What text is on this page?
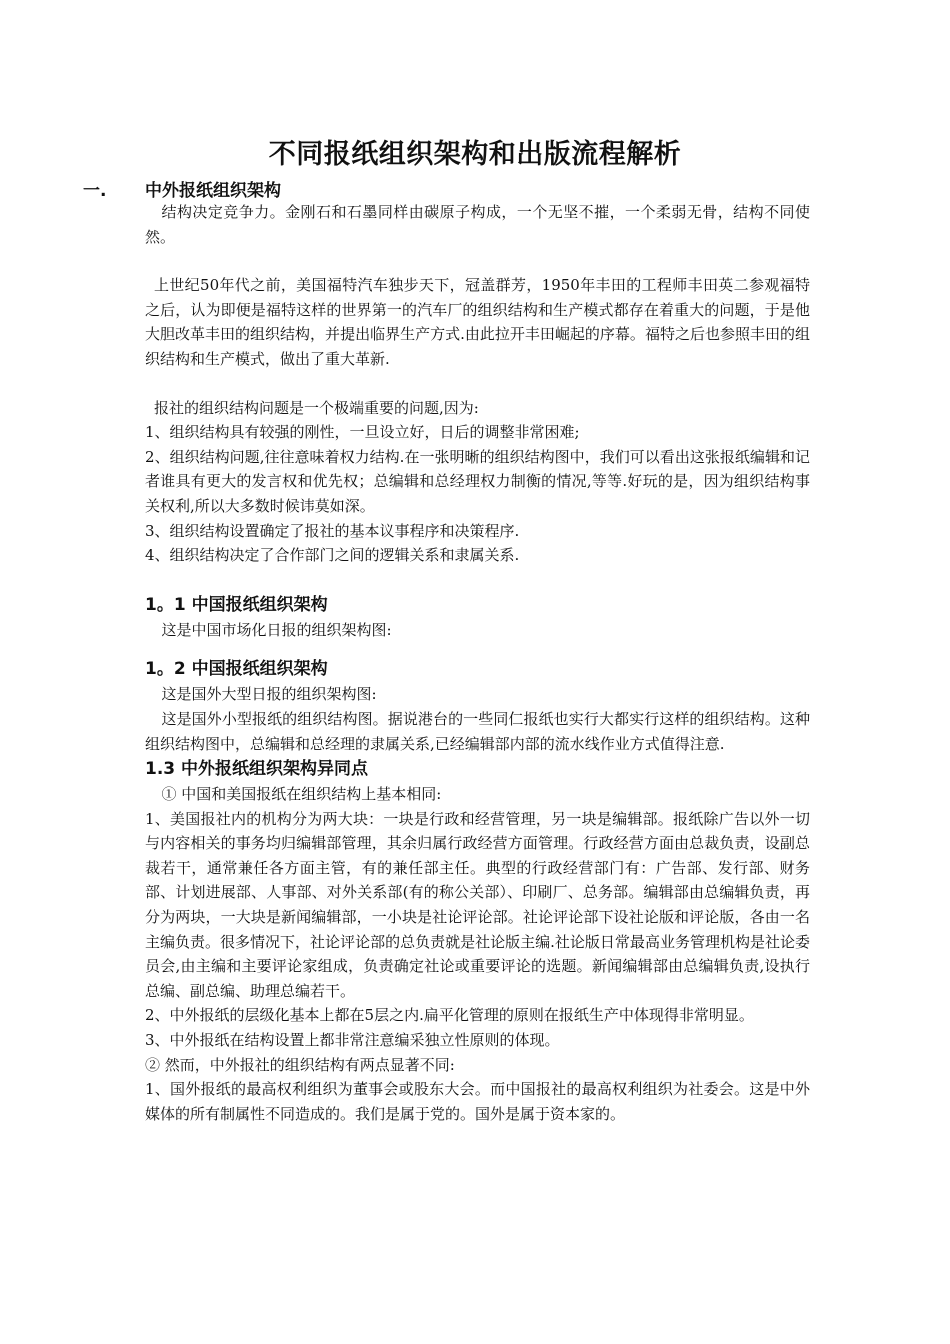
不同报纸组织架构和出版流程解析
一. 中外报纸组织架构

结构决定竞争力。金刚石和石墨同样由碳原子构成，一个无坚不摧，一个柔弱无骨，结构不同使然。

上世纪50年代之前，美国福特汽车独步天下，冠盖群芳，1950年丰田的工程师丰田英二参观福特之后，认为即便是福特这样的世界第一的汽车厂的组织结构和生产模式都存在着重大的问题，于是他大胆改革丰田的组织结构，并提出临界生产方式.由此拉开丰田崛起的序幕。福特之后也参照丰田的组织结构和生产模式，做出了重大革新.

报社的组织结构问题是一个极端重要的问题,因为:

1、组织结构具有较强的刚性，一旦设立好，日后的调整非常困难;

2、组织结构问题,往往意味着权力结构.在一张明晰的组织结构图中，我们可以看出这张报纸编辑和记者谁具有更大的发言权和优先权；总编辑和总经理权力制衡的情况,等等.好玩的是，因为组织结构事关权利,所以大多数时候讳莫如深。

3、组织结构设置确定了报社的基本议事程序和决策程序.

4、组织结构决定了合作部门之间的逻辑关系和隶属关系.

1。1 中国报纸组织架构

这是中国市场化日报的组织架构图:

1。2 中国报纸组织架构

这是国外大型日报的组织架构图:

这是国外小型报纸的组织结构图。据说港台的一些同仁报纸也实行大都实行这样的组织结构。这种组织结构图中，总编辑和总经理的隶属关系,已经编辑部内部的流水线作业方式值得注意.

1.3 中外报纸组织架构异同点

① 中国和美国报纸在组织结构上基本相同:

1、美国报社内的机构分为两大块：一块是行政和经营管理，另一块是编辑部。报纸除广告以外一切与内容相关的事务均归编辑部管理，其余归属行政经营方面管理。行政经营方面由总裁负责，设副总裁若干，通常兼任各方面主管，有的兼任部主任。典型的行政经营部门有：广告部、发行部、财务部、计划进展部、人事部、对外关系部(有的称公关部）、印刷厂、总务部。编辑部由总编辑负责，再分为两块，一大块是新闻编辑部，一小块是社论评论部。社论评论部下设社论版和评论版，各由一名主编负责。很多情况下，社论评论部的总负责就是社论版主编.社论版日常最高业务管理机构是社论委员会,由主编和主要评论家组成，负责确定社论或重要评论的选题。新闻编辑部由总编辑负责,设执行总编、副总编、助理总编若干。

2、中外报纸的层级化基本上都在5层之内.扁平化管理的原则在报纸生产中体现得非常明显。

3、中外报纸在结构设置上都非常注意编采独立性原则的体现。

② 然而，中外报社的组织结构有两点显著不同:

1、国外报纸的最高权利组织为董事会或股东大会。而中国报社的最高权利组织为社委会。这是中外媒体的所有制属性不同造成的。我们是属于党的。国外是属于资本家的。
